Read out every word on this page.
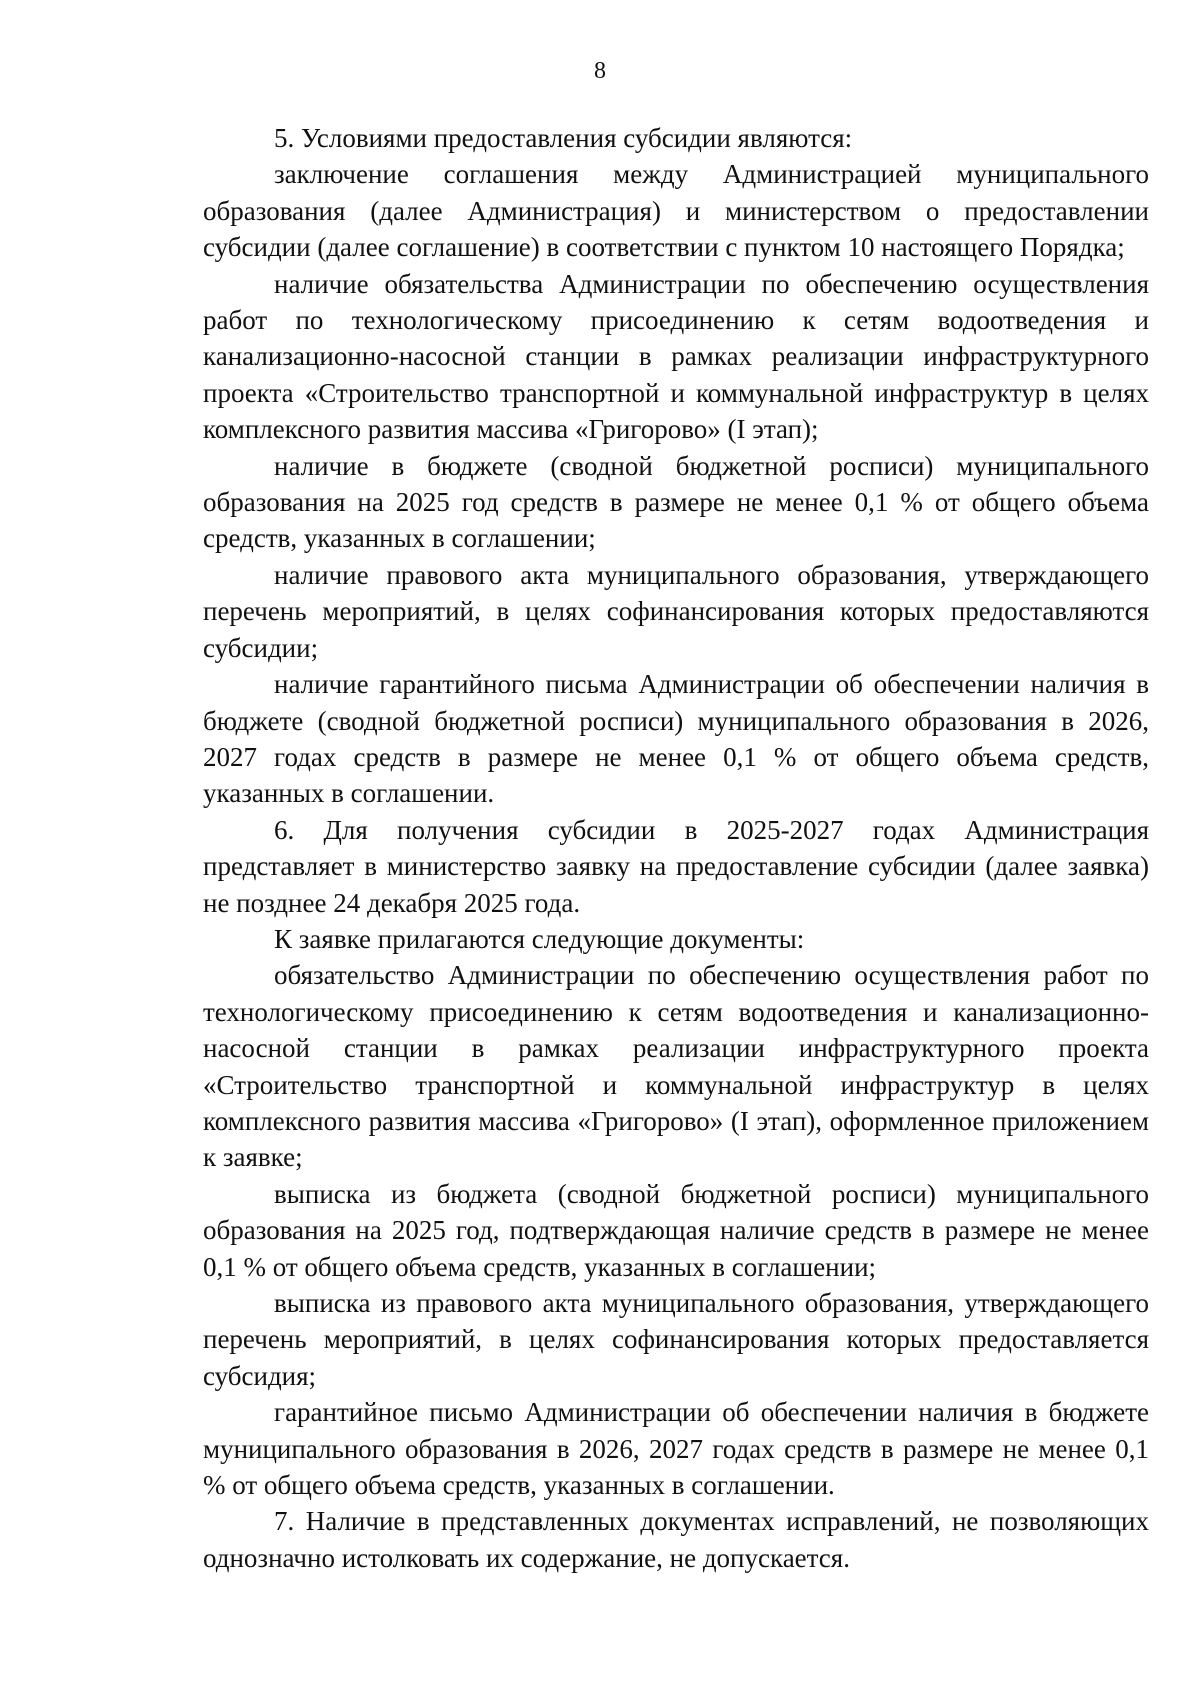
8

5. Условиями предоставления субсидии являются:

заключение соглашения между Администрацией муниципального образования (далее Администрация) и министерством о предоставлении субсидии (далее соглашение) в соответствии с пунктом 10 настоящего Порядка;

наличие обязательства Администрации по обеспечению осуществления работ по технологическому присоединению к сетям водоотведения и канализационно-насосной станции в рамках реализации инфраструктурного проекта «Строительство транспортной и коммунальной инфраструктур в целях комплексного развития массива «Григорово» (I этап);

наличие в бюджете (сводной бюджетной росписи) муниципального образования на 2025 год средств в размере не менее 0,1 % от общего объема средств, указанных в соглашении;

наличие правового акта муниципального образования, утверждающего перечень мероприятий, в целях софинансирования которых предоставляются субсидии;

наличие гарантийного письма Администрации об обеспечении наличия в бюджете (сводной бюджетной росписи) муниципального образования в 2026, 2027 годах средств в размере не менее 0,1 % от общего объема средств, указанных в соглашении.

6. Для получения субсидии в 2025-2027 годах Администрация представляет в министерство заявку на предоставление субсидии (далее заявка) не позднее 24 декабря 2025 года.

К заявке прилагаются следующие документы:

обязательство Администрации по обеспечению осуществления работ по технологическому присоединению к сетям водоотведения и канализационно-насосной станции в рамках реализации инфраструктурного проекта «Строительство транспортной и коммунальной инфраструктур в целях комплексного развития массива «Григорово» (I этап), оформленное приложением к заявке;

выписка из бюджета (сводной бюджетной росписи) муниципального образования на 2025 год, подтверждающая наличие средств в размере не менее 0,1 % от общего объема средств, указанных в соглашении;

выписка из правового акта муниципального образования, утверждающего перечень мероприятий, в целях софинансирования которых предоставляется субсидия;

гарантийное письмо Администрации об обеспечении наличия в бюджете муниципального образования в 2026, 2027 годах средств в размере не менее 0,1 % от общего объема средств, указанных в соглашении.

7. Наличие в представленных документах исправлений, не позволяющих однозначно истолковать их содержание, не допускается.
